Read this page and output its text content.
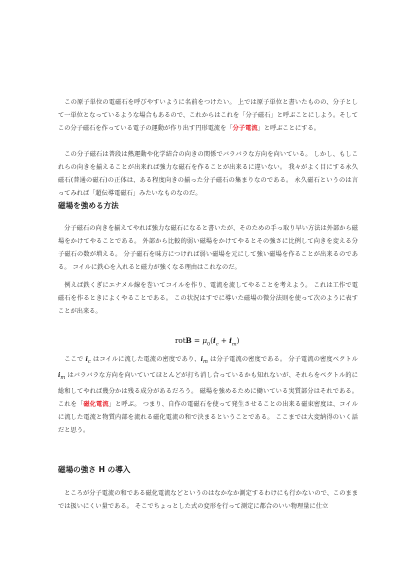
　この原子単位の電磁石を呼びやすいように名前をつけたい。 上では原子単位と書いたものの、分子として一単位となっているような場合もあるので、これからはこれを「分子磁石」と呼ぶことにしよう。そしてこの分子磁石を作っている電子の運動が作り出す円形電流を「分子電流」と呼ぶことにする。

　この分子磁石は普段は熱運動や化学結合の向きの関係でバラバラな方向を向いている。 しかし、もしこれらの向きを揃えることが出来れば強力な磁石を作ることが出来るに違いない。 我々がよく目にする永久磁石(普通の磁石)の正体は、ある程度向きの揃った分子磁石の集まりなのである。 永久磁石というのは言ってみれば「超伝導電磁石」みたいなものなのだ。

磁場を強める方法

　分子磁石の向きを揃えてやれば強力な磁石になると書いたが、そのための手っ取り早い方法は外部から磁場をかけてやることである。 外部から比較的弱い磁場をかけてやるとその強さに比例して向きを変える分子磁石の数が増える。 分子磁石を味方につければ弱い磁場を元にして強い磁場を作ることが出来るのである。 コイルに鉄心を入れると磁力が強くなる理由はこれなのだ。

　例えば鉄くぎにエナメル線を巻いてコイルを作り、電流を流してやることを考えよう。 これは工作で電磁石を作るときによくやることである。 この状況はすでに導いた磁場の微分法則を使って次のように表すことが出来る。

rotB = $\mu_0(i_c + i_m)$

　ここで $i_c$ はコイルに流した電流の密度であり、$i_m$ は分子電流の密度である。 分子電流の密度ベクトル $i_m$ はバラバラな方向を向いていてほとんどが打ち消し合っているかも知れないが、それらをベクトル的に総和してやれば幾分かは残る成分があるだろう。 磁場を強めるために働いている実質部分はそれである。 これを「磁化電流」と呼ぶ。 つまり、自作の電磁石を使って発生させることの出来る磁束密度は、コイルに流した電流と物質内部を流れる磁化電流の和で決まるということである。 ここまでは大変納得のいく話だと思う。

磁場の強さ H の導入

　ところが分子電流の和である磁化電流などというのはなかなか測定するわけにも行かないので、このままでは扱いにくい量である。 そこでちょっとした式の変形を行って測定に都合のいい物理量に仕立
